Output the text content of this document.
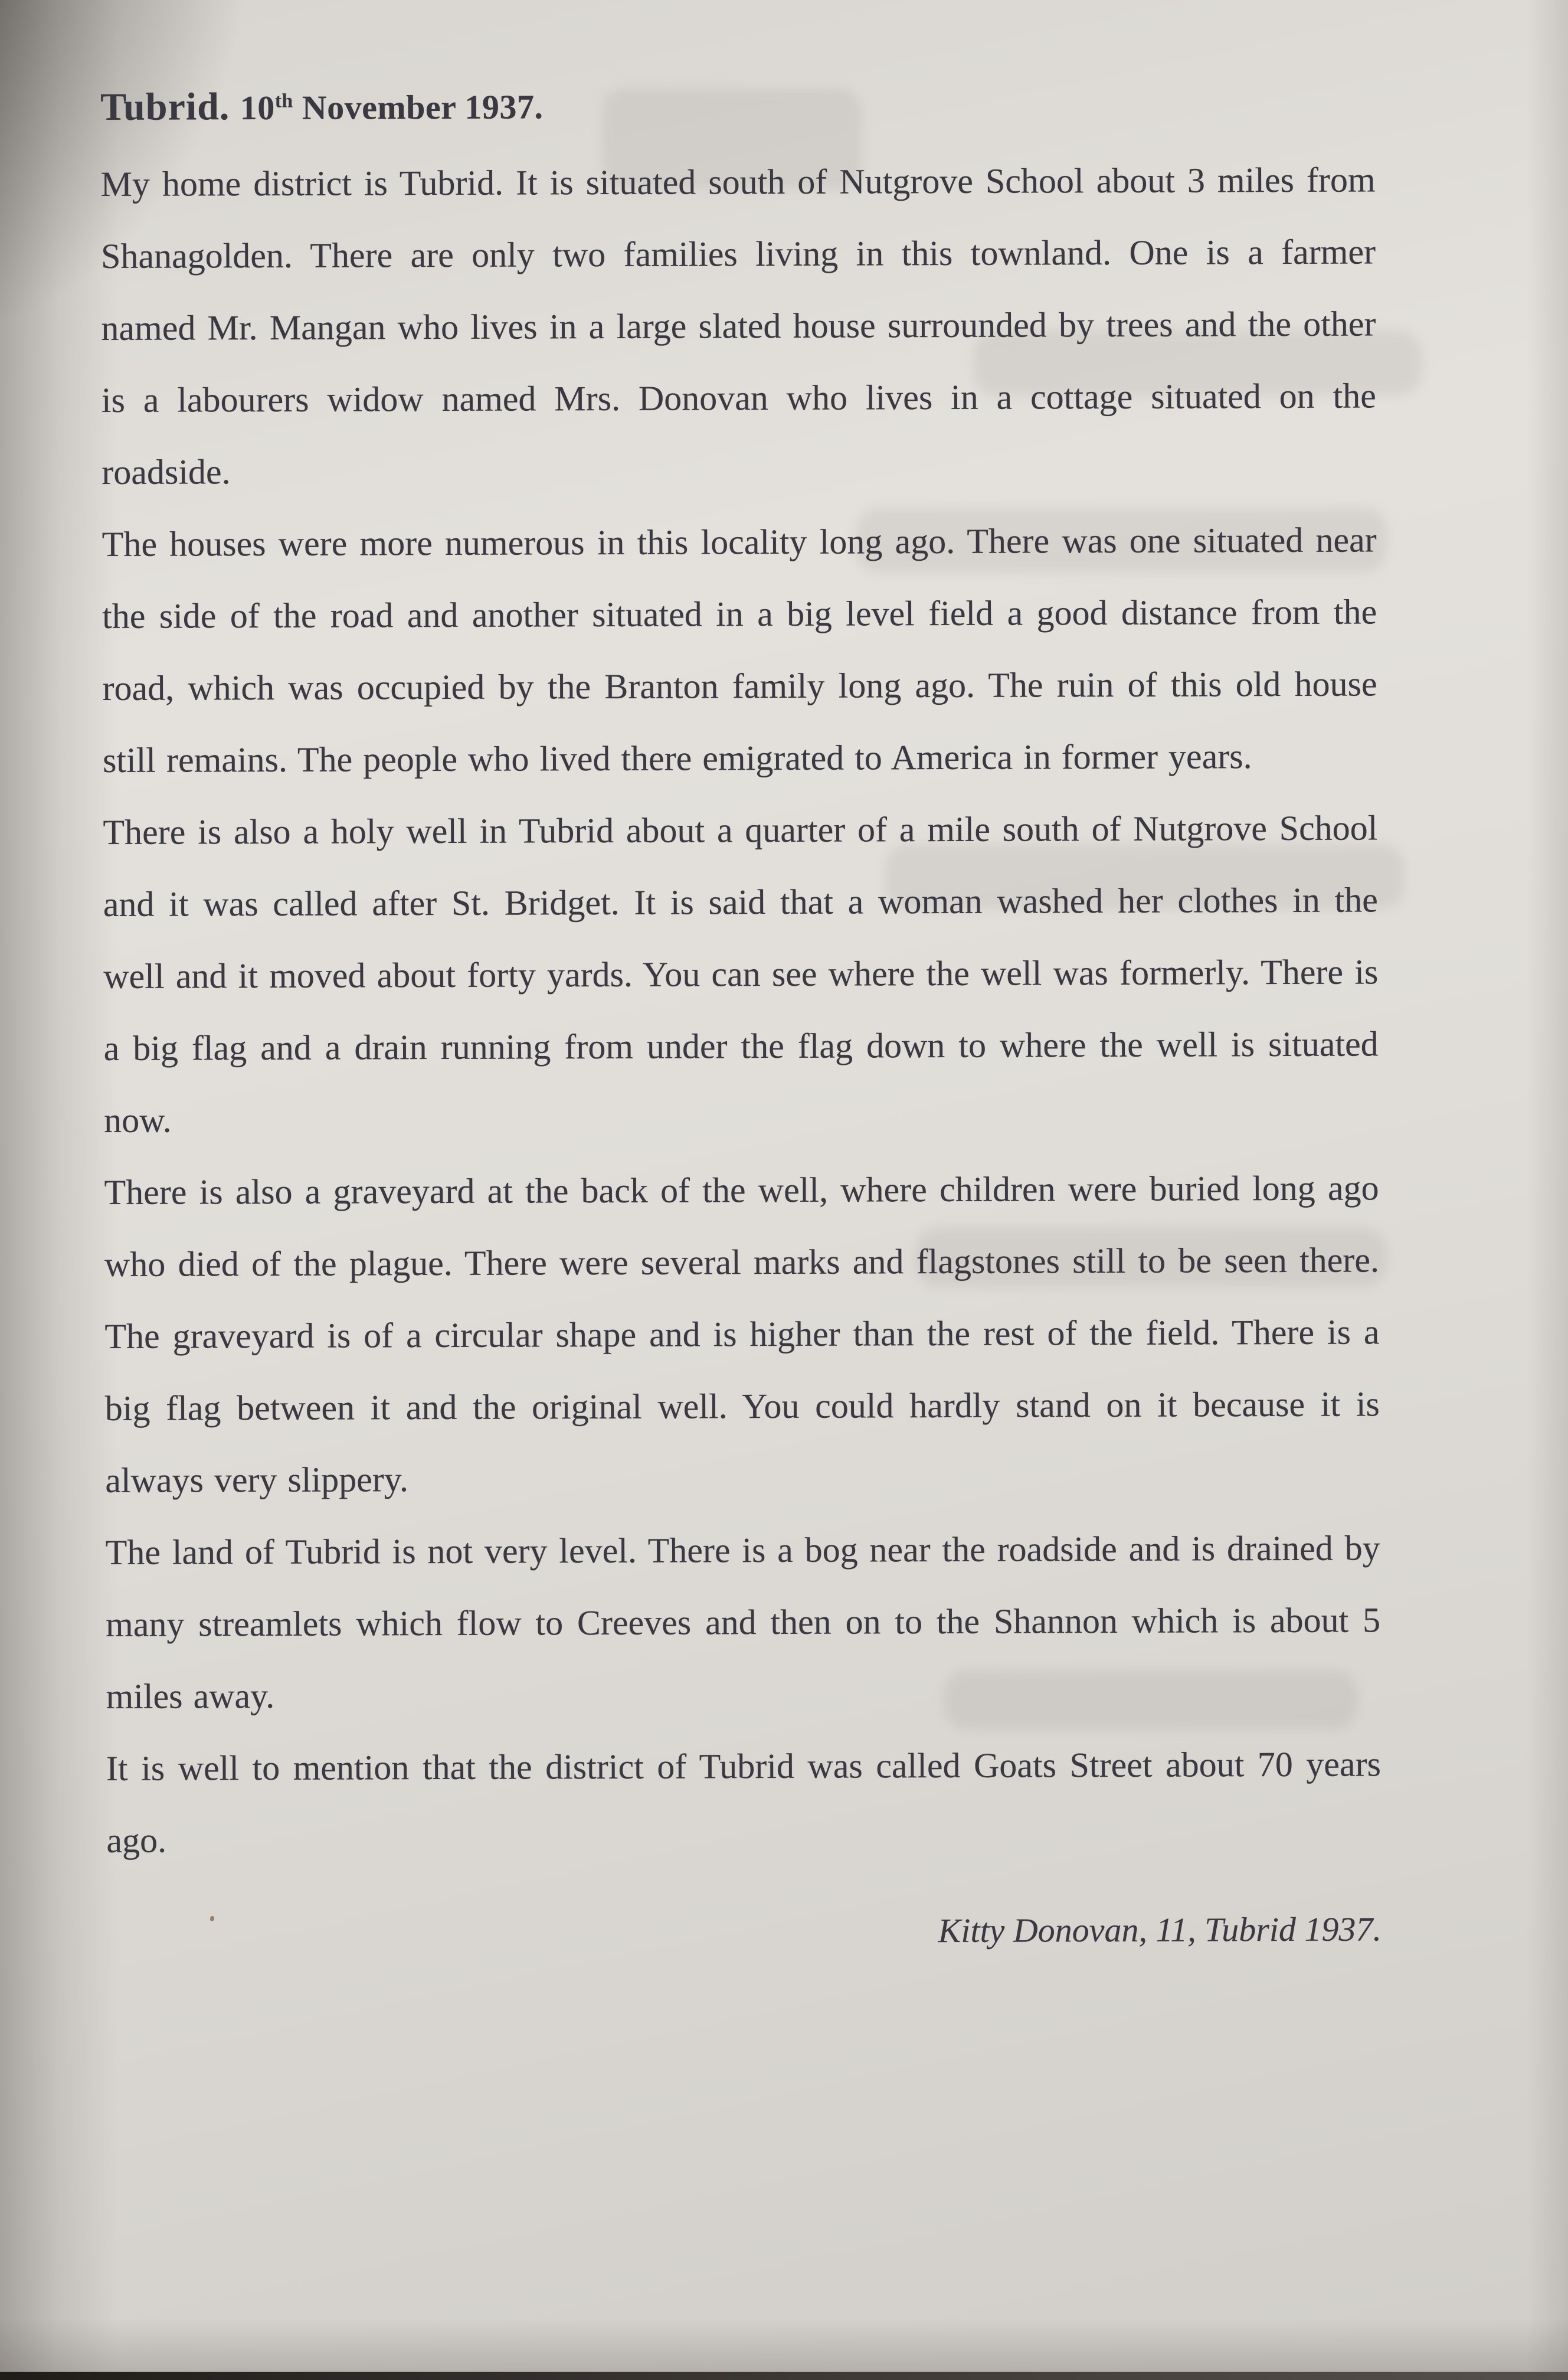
Tubrid. 10th November 1937.

My home district is Tubrid. It is situated south of Nutgrove School about 3 miles from Shanagolden. There are only two families living in this townland. One is a farmer named Mr. Mangan who lives in a large slated house surrounded by trees and the other is a labourers widow named Mrs. Donovan who lives in a cottage situated on the roadside.

The houses were more numerous in this locality long ago. There was one situated near the side of the road and another situated in a big level field a good distance from the road, which was occupied by the Branton family long ago. The ruin of this old house still remains. The people who lived there emigrated to America in former years.

There is also a holy well in Tubrid about a quarter of a mile south of Nutgrove School and it was called after St. Bridget. It is said that a woman washed her clothes in the well and it moved about forty yards. You can see where the well was formerly. There is a big flag and a drain running from under the flag down to where the well is situated now.

There is also a graveyard at the back of the well, where children were buried long ago who died of the plague. There were several marks and flagstones still to be seen there. The graveyard is of a circular shape and is higher than the rest of the field. There is a big flag between it and the original well. You could hardly stand on it because it is always very slippery.

The land of Tubrid is not very level. There is a bog near the roadside and is drained by many streamlets which flow to Creeves and then on to the Shannon which is about 5 miles away.

It is well to mention that the district of Tubrid was called Goats Street about 70 years ago.

Kitty Donovan, 11, Tubrid 1937.
